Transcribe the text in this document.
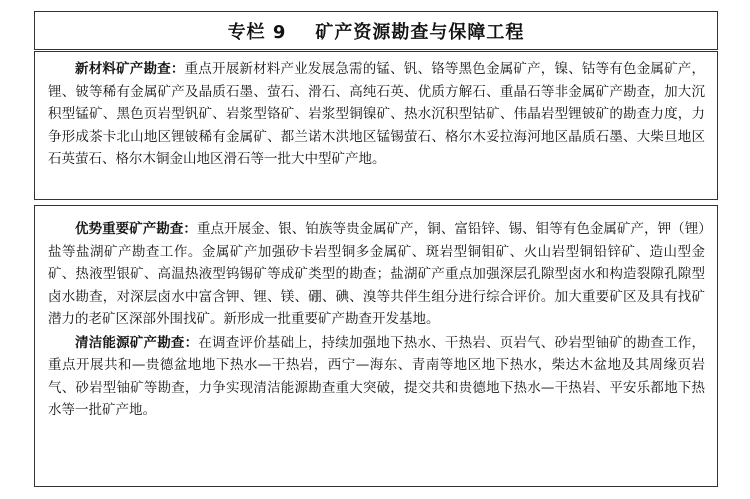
专栏 9    矿产资源勘查与保障工程

新材料矿产勘查：重点开展新材料产业发展急需的锰、钒、铬等黑色金属矿产，镍、钴等有色金属矿产，锂、铍等稀有金属矿产及晶质石墨、萤石、滑石、高纯石英、优质方解石、重晶石等非金属矿产勘查，加大沉积型锰矿、黑色页岩型钒矿、岩浆型铬矿、岩浆型铜镍矿、热水沉积型钴矿、伟晶岩型锂铍矿的勘查力度，力争形成茶卡北山地区锂铍稀有金属矿、都兰诺木洪地区锰锡萤石、格尔木妥拉海河地区晶质石墨、大柴旦地区石英萤石、格尔木铜金山地区滑石等一批大中型矿产地。

优势重要矿产勘查：重点开展金、银、铂族等贵金属矿产，铜、富铅锌、锡、钼等有色金属矿产，钾（锂）盐等盐湖矿产勘查工作。金属矿产加强矽卡岩型铜多金属矿、斑岩型铜钼矿、火山岩型铜铅锌矿、造山型金矿、热液型银矿、高温热液型钨锡矿等成矿类型的勘查；盐湖矿产重点加强深层孔隙型卤水和构造裂隙孔隙型卤水勘查，对深层卤水中富含钾、锂、镁、硼、碘、溴等共伴生组分进行综合评价。加大重要矿区及具有找矿潜力的老矿区深部外围找矿。新形成一批重要矿产勘查开发基地。

清洁能源矿产勘查：在调查评价基础上，持续加强地下热水、干热岩、页岩气、砂岩型铀矿的勘查工作，重点开展共和—贵德盆地地下热水—干热岩，西宁—海东、青南等地区地下热水，柴达木盆地及其周缘页岩气、砂岩型铀矿等勘查，力争实现清洁能源勘查重大突破，提交共和贵德地下热水—干热岩、平安乐都地下热水等一批矿产地。
